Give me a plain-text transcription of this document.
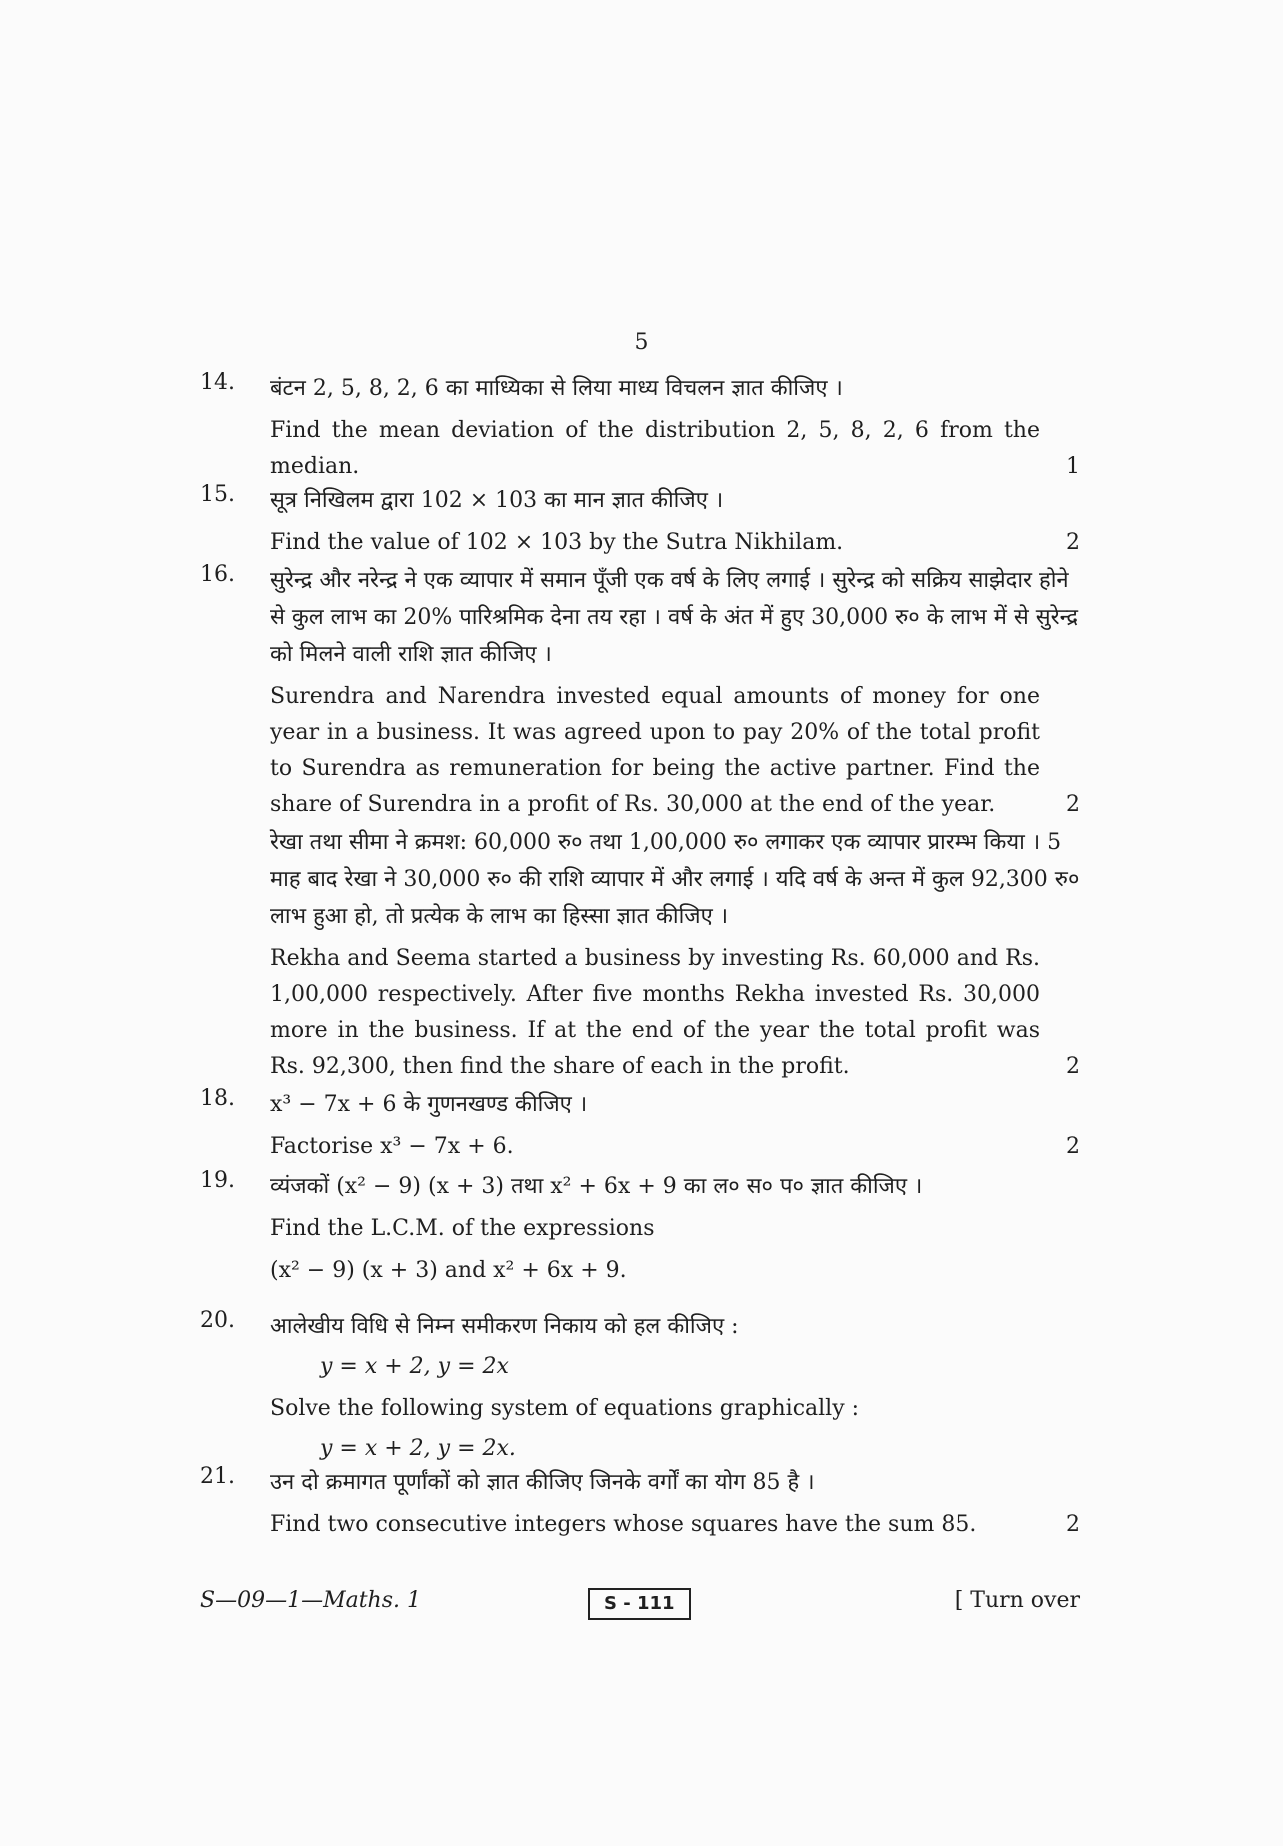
5
14. बंटन 2, 5, 8, 2, 6 का माध्यिका से लिया माध्य विचलन ज्ञात कीजिए ।

Find the mean deviation of the distribution 2, 5, 8, 2, 6 from the median.	1

15. सूत्र निखिलम द्वारा 102 × 103 का मान ज्ञात कीजिए ।

Find the value of 102 × 103 by the Sutra Nikhilam.	2

16. सुरेन्द्र और नरेन्द्र ने एक व्यापार में समान पूँजी एक वर्ष के लिए लगाई । सुरेन्द्र को सक्रिय साझेदार होने से कुल लाभ का 20% पारिश्रमिक देना तय रहा । वर्ष के अंत में हुए 30,000 रु० के लाभ में से सुरेन्द्र को मिलने वाली राशि ज्ञात कीजिए ।

Surendra and Narendra invested equal amounts of money for one year in a business. It was agreed upon to pay 20% of the total profit to Surendra as remuneration for being the active partner. Find the share of Surendra in a profit of Rs. 30,000 at the end of the year.	2

रेखा तथा सीमा ने क्रमश: 60,000 रु० तथा 1,00,000 रु० लगाकर एक व्यापार प्रारम्भ किया । 5 माह बाद रेखा ने 30,000 रु० की राशि व्यापार में और लगाई । यदि वर्ष के अन्त में कुल 92,300 रु० लाभ हुआ हो, तो प्रत्येक के लाभ का हिस्सा ज्ञात कीजिए ।

Rekha and Seema started a business by investing Rs. 60,000 and Rs. 1,00,000 respectively. After five months Rekha invested Rs. 30,000 more in the business. If at the end of the year the total profit was Rs. 92,300, then find the share of each in the profit.	2

18. x³ − 7x + 6 के गुणनखण्ड कीजिए ।

Factorise x³ − 7x + 6.	2

19. व्यंजकों (x² − 9) (x + 3) तथा x² + 6x + 9 का ल० स० प० ज्ञात कीजिए ।

Find the L.C.M. of the expressions

(x² − 9) (x + 3) and x² + 6x + 9.

20. आलेखीय विधि से निम्न समीकरण निकाय को हल कीजिए :

y = x + 2, y = 2x

Solve the following system of equations graphically :

y = x + 2, y = 2x.

21. उन दो क्रमागत पूर्णांकों को ज्ञात कीजिए जिनके वर्गों का योग 85 है ।

Find two consecutive integers whose squares have the sum 85.	2

S—09—1—Maths. 1	S - 111	[ Turn over
